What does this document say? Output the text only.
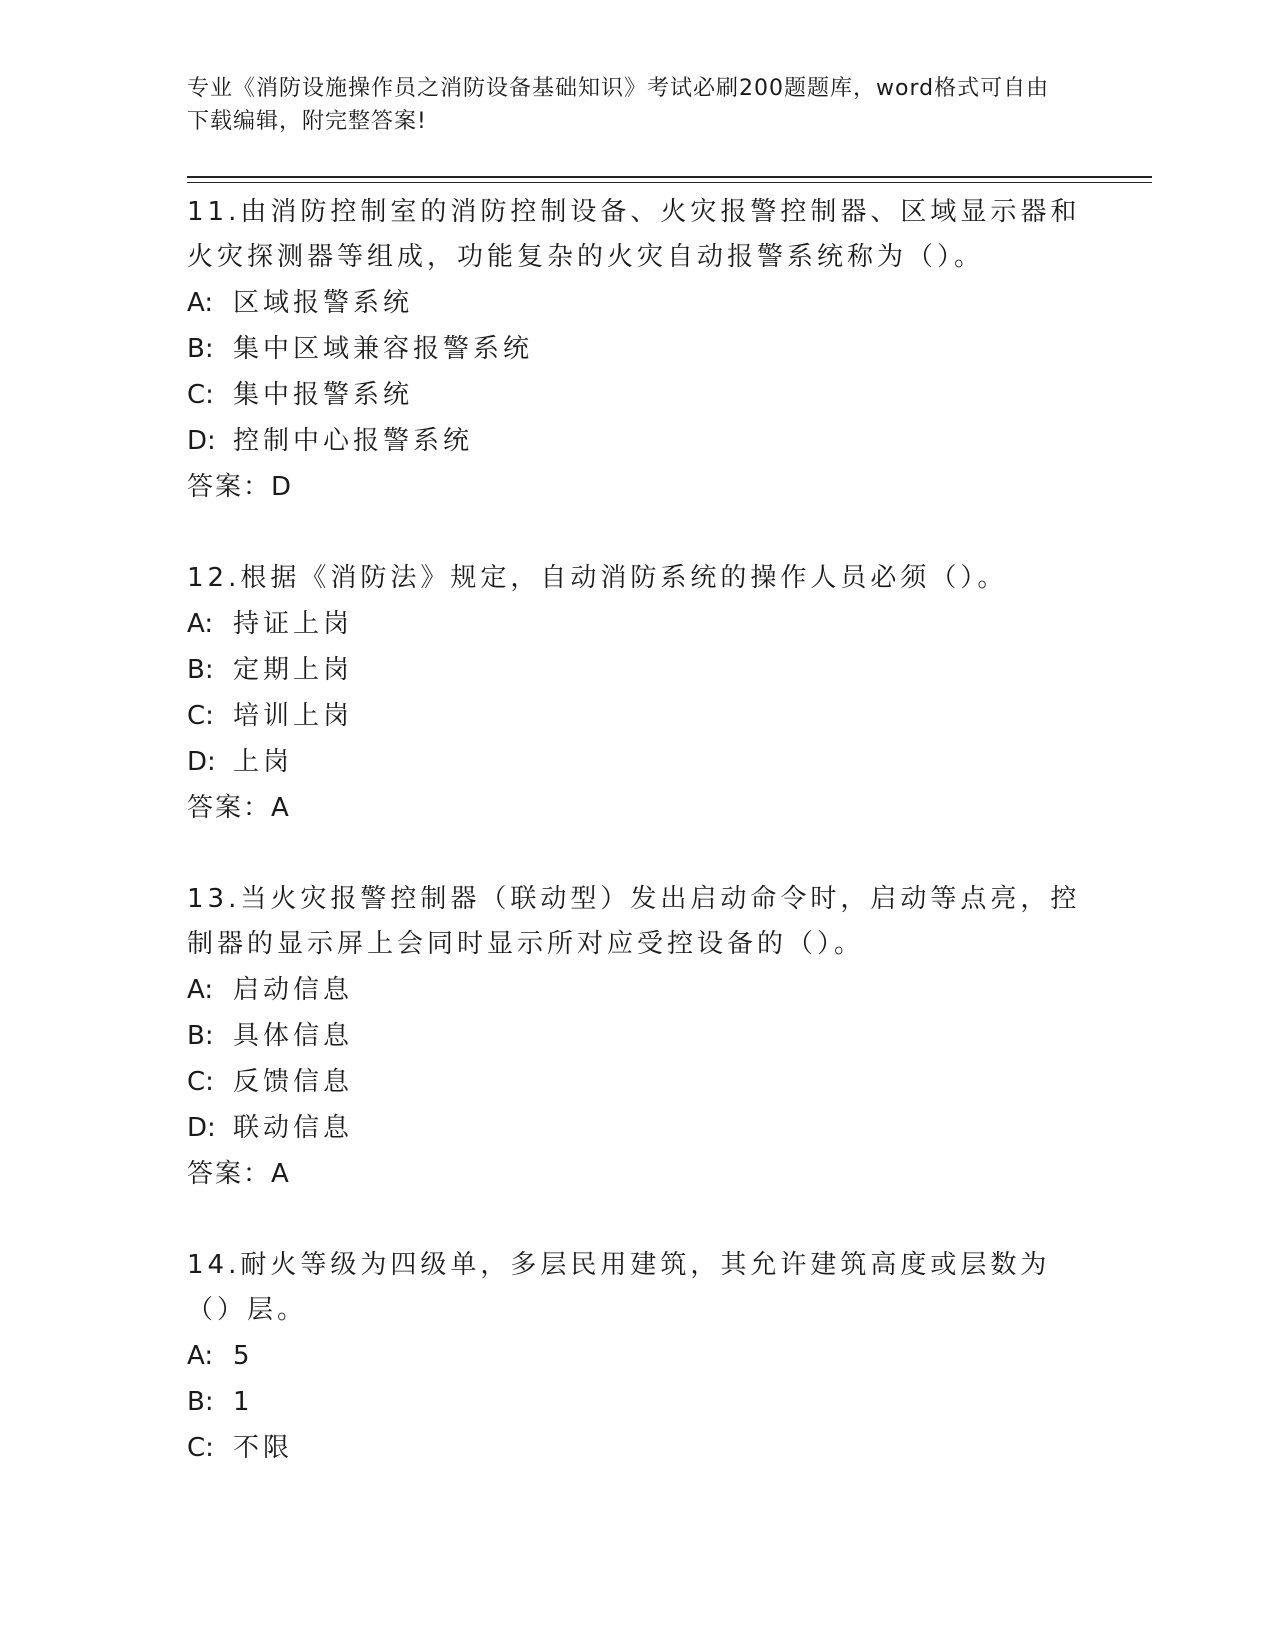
专业《消防设施操作员之消防设备基础知识》考试必刷200题题库，word格式可自由下载编辑，附完整答案!

11.由消防控制室的消防控制设备、火灾报警控制器、区域显示器和火灾探测器等组成，功能复杂的火灾自动报警系统称为（）。

A: 区域报警系统
B: 集中区域兼容报警系统
C: 集中报警系统
D: 控制中心报警系统
答案：D

12.根据《消防法》规定，自动消防系统的操作人员必须（）。

A: 持证上岗
B: 定期上岗
C: 培训上岗
D: 上岗
答案：A

13.当火灾报警控制器（联动型）发出启动命令时，启动等点亮，控制器的显示屏上会同时显示所对应受控设备的（）。

A: 启动信息
B: 具体信息
C: 反馈信息
D: 联动信息
答案：A

14.耐火等级为四级单，多层民用建筑，其允许建筑高度或层数为（）层。

A: 5
B: 1
C: 不限
